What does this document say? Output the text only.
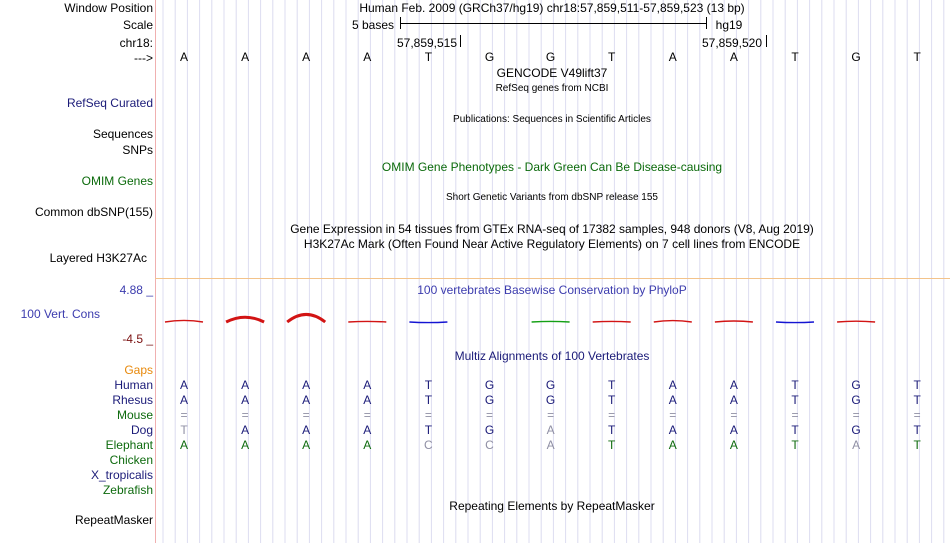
Window Position	Human Feb. 2009 (GRCh37/hg19) chr18:57,859,511-57,859,523 (13 bp)
Scale	5 bases	hg19
chr18:	57,859,515	57,859,520
---> A	A	A	A	T	G	G	T	A	A	T	G	T
GENCODE V49lift37
RefSeq genes from NCBI
RefSeq Curated
Publications: Sequences in Scientific Articles
Sequences
SNPs
OMIM Gene Phenotypes - Dark Green Can Be Disease-causing
OMIM Genes
Short Genetic Variants from dbSNP release 155
Common dbSNP(155)
Gene Expression in 54 tissues from GTEx RNA-seq of 17382 samples, 948 donors (V8, Aug 2019)
H3K27Ac Mark (Often Found Near Active Regulatory Elements) on 7 cell lines from ENCODE
Layered H3K27Ac
100 vertebrates Basewise Conservation by PhyloP
4.88 _
100 Vert. Cons
-4.5 _
Multiz Alignments of 100 Vertebrates
Gaps
Human A	A	A	A	T	G	G	T	A	A	T	G	T
Rhesus A	A	A	A	T	G	G	T	A	A	T	G	T
Mouse =	=	=	=	=	=	=	=	=	=	=	=	=
Dog T	A	A	A	T	G	A	T	A	A	T	G	T
Elephant A	A	A	A	C	C	A	T	A	A	T	A	T
Chicken
X_tropicalis
Zebrafish
Repeating Elements by RepeatMasker
RepeatMasker
